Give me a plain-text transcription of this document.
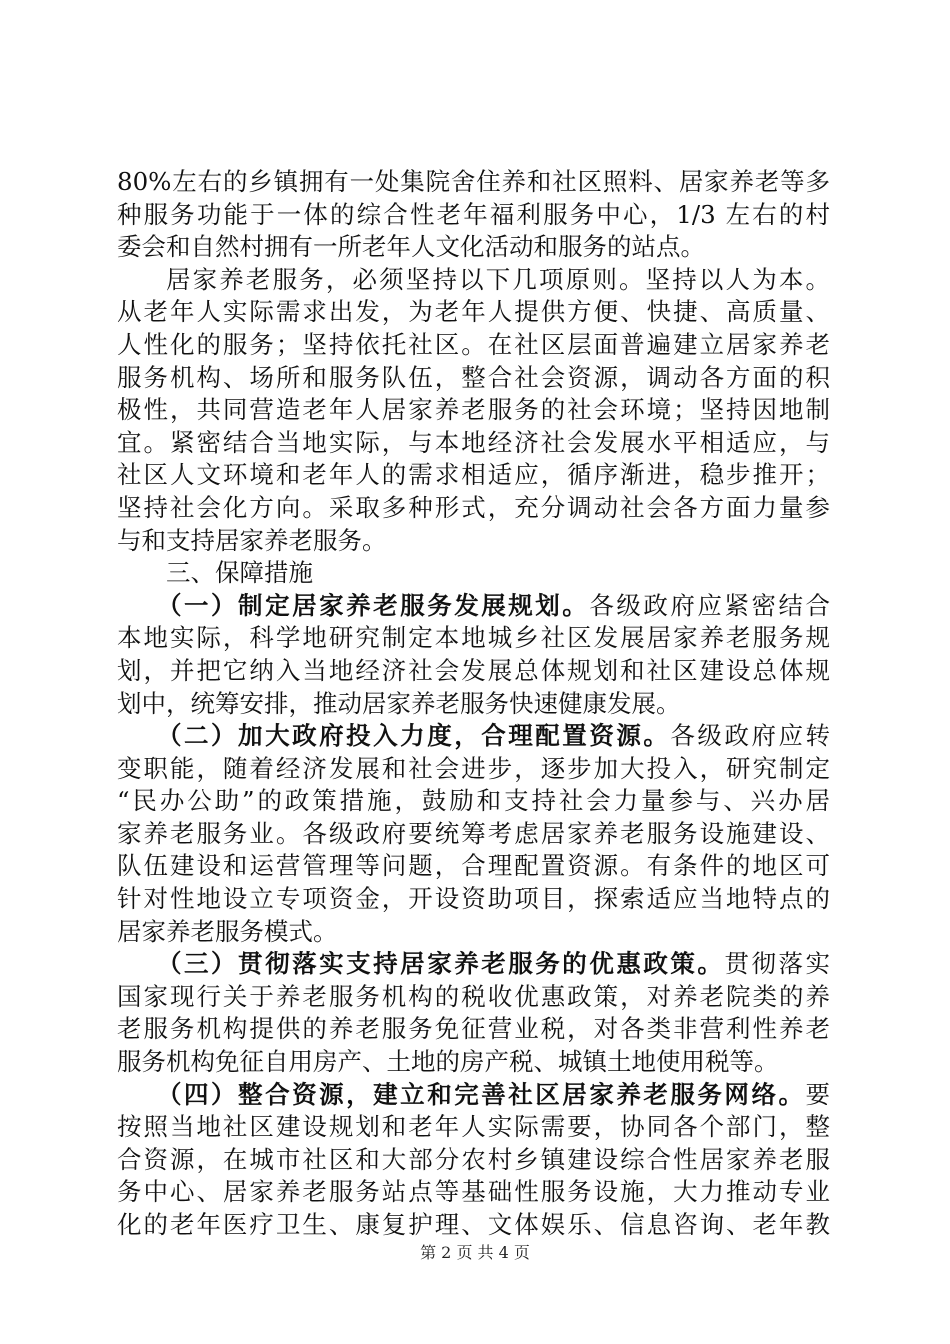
80%左右的乡镇拥有一处集院舍住养和社区照料、居家养老等多
种服务功能于一体的综合性老年福利服务中心，1/3 左右的村
委会和自然村拥有一所老年人文化活动和服务的站点。
居家养老服务，必须坚持以下几项原则。坚持以人为本。
从老年人实际需求出发，为老年人提供方便、快捷、高质量、
人性化的服务；坚持依托社区。在社区层面普遍建立居家养老
服务机构、场所和服务队伍，整合社会资源，调动各方面的积
极性，共同营造老年人居家养老服务的社会环境；坚持因地制
宜。紧密结合当地实际，与本地经济社会发展水平相适应，与
社区人文环境和老年人的需求相适应，循序渐进，稳步推开；
坚持社会化方向。采取多种形式，充分调动社会各方面力量参
与和支持居家养老服务。
三、保障措施
（一）制定居家养老服务发展规划。各级政府应紧密结合
本地实际，科学地研究制定本地城乡社区发展居家养老服务规
划，并把它纳入当地经济社会发展总体规划和社区建设总体规
划中，统筹安排，推动居家养老服务快速健康发展。
（二）加大政府投入力度，合理配置资源。各级政府应转
变职能，随着经济发展和社会进步，逐步加大投入，研究制定
“民办公助”的政策措施，鼓励和支持社会力量参与、兴办居
家养老服务业。各级政府要统筹考虑居家养老服务设施建设、
队伍建设和运营管理等问题，合理配置资源。有条件的地区可
针对性地设立专项资金，开设资助项目，探索适应当地特点的
居家养老服务模式。
（三）贯彻落实支持居家养老服务的优惠政策。贯彻落实
国家现行关于养老服务机构的税收优惠政策，对养老院类的养
老服务机构提供的养老服务免征营业税，对各类非营利性养老
服务机构免征自用房产、土地的房产税、城镇土地使用税等。
（四）整合资源，建立和完善社区居家养老服务网络。要
按照当地社区建设规划和老年人实际需要，协同各个部门，整
合资源，在城市社区和大部分农村乡镇建设综合性居家养老服
务中心、居家养老服务站点等基础性服务设施，大力推动专业
化的老年医疗卫生、康复护理、文体娱乐、信息咨询、老年教
第 2 页 共 4 页
